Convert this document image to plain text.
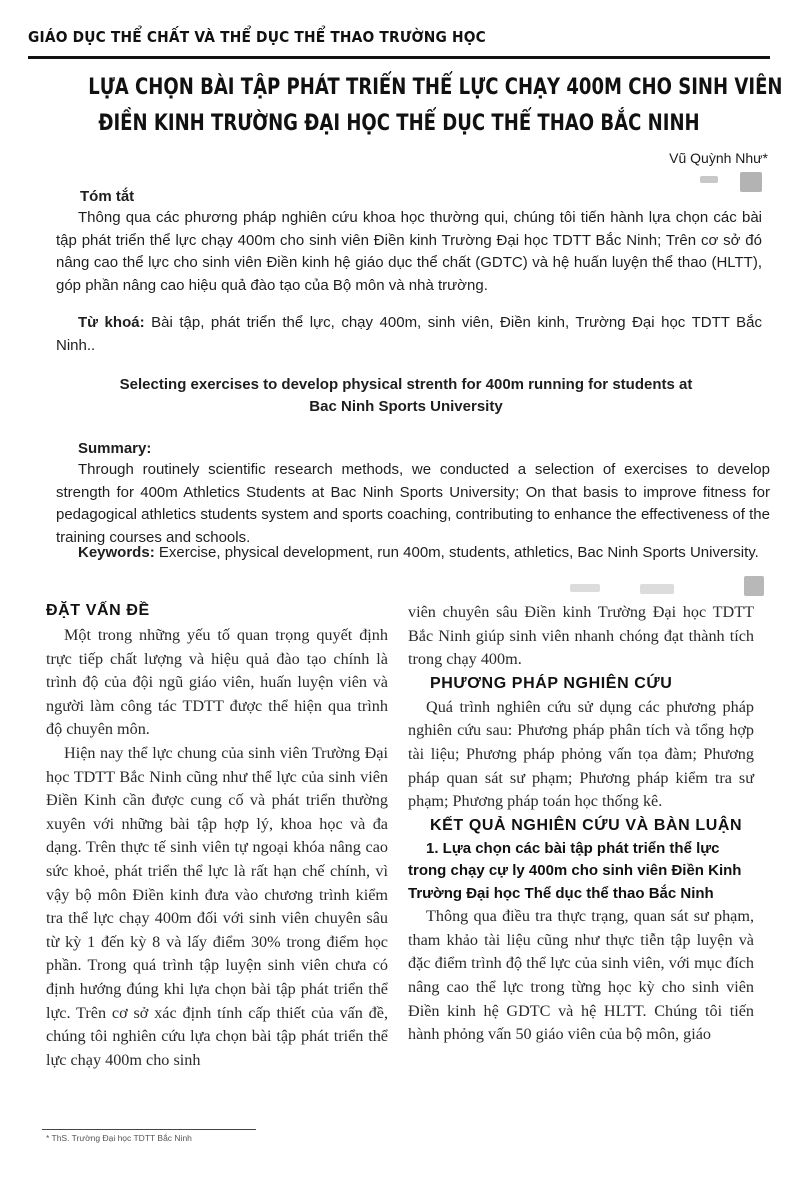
GIÁO DỤC THỂ CHẤT VÀ THỂ DỤC THỂ THAO TRƯỜNG HỌC
LỰA CHỌN BÀI TẬP PHÁT TRIỂN THỂ LỰC CHẠY 400M CHO SINH VIÊN
ĐIỀN KINH TRƯỜNG ĐẠI HỌC THỂ DỤC THỂ THAO BẮC NINH
Vũ Quỳnh Như*
Tóm tắt
Thông qua các phương pháp nghiên cứu khoa học thường qui, chúng tôi tiến hành lựa chọn các bài tập phát triển thể lực chạy 400m cho sinh viên Điền kinh Trường Đại học TDTT Bắc Ninh; Trên cơ sở đó nâng cao thể lực cho sinh viên Điền kinh hệ giáo dục thể chất (GDTC) và hệ huấn luyện thể thao (HLTT), góp phần nâng cao hiệu quả đào tạo của Bộ môn và nhà trường.
Từ khoá: Bài tập, phát triển thể lực, chạy 400m, sinh viên, Điền kinh, Trường Đại học TDTT Bắc Ninh..
Selecting exercises to develop physical strenth for 400m running for students at
Bac Ninh Sports University
Summary:
Through routinely scientific research methods, we conducted a selection of exercises to develop strength for 400m Athletics Students at Bac Ninh Sports University; On that basis to improve fitness for pedagogical athletics students system and sports coaching, contributing to enhance the effectiveness of the training courses and schools.
Keywords: Exercise, physical development, run 400m, students, athletics, Bac Ninh Sports University.
ĐẶT VẤN ĐỀ
Một trong những yếu tố quan trọng quyết định trực tiếp chất lượng và hiệu quả đào tạo chính là trình độ của đội ngũ giáo viên, huấn luyện viên và người làm công tác TDTT được thể hiện qua trình độ chuyên môn.
Hiện nay thể lực chung của sinh viên Trường Đại học TDTT Bắc Ninh cũng như thể lực của sinh viên Điền Kinh cần được cung cố và phát triển thường xuyên với những bài tập hợp lý, khoa học và đa dạng. Trên thực tế sinh viên tự ngoại khóa nâng cao sức khoẻ, phát triển thể lực là rất hạn chế chính, vì vậy bộ môn Điền kinh đưa vào chương trình kiểm tra thể lực chạy 400m đối với sinh viên chuyên sâu từ kỳ 1 đến kỳ 8 và lấy điểm 30% trong điểm học phần. Trong quá trình tập luyện sinh viên chưa có định hướng đúng khi lựa chọn bài tập phát triển thể lực. Trên cơ sở xác định tính cấp thiết của vấn đề, chúng tôi nghiên cứu lựa chọn bài tập phát triển thể lực chạy 400m cho sinh
viên chuyên sâu Điền kinh Trường Đại học TDTT Bắc Ninh giúp sinh viên nhanh chóng đạt thành tích trong chạy 400m.
PHƯƠNG PHÁP NGHIÊN CỨU
Quá trình nghiên cứu sử dụng các phương pháp nghiên cứu sau: Phương pháp phân tích và tổng hợp tài liệu; Phương pháp phỏng vấn tọa đàm; Phương pháp quan sát sư phạm; Phương pháp kiểm tra sư phạm; Phương pháp toán học thống kê.
KẾT QUẢ NGHIÊN CỨU VÀ BÀN LUẬN
1. Lựa chọn các bài tập phát triển thể lực trong chạy cự ly 400m cho sinh viên Điền Kinh Trường Đại học Thể dục thể thao Bắc Ninh
Thông qua điều tra thực trạng, quan sát sư phạm, tham khảo tài liệu cũng như thực tiễn tập luyện và đặc điểm trình độ thể lực của sinh viên, với mục đích nâng cao thể lực trong từng học kỳ cho sinh viên Điền kinh hệ GDTC và hệ HLTT. Chúng tôi tiến hành phỏng vấn 50 giáo viên của bộ môn, giáo
* ThS. Trường Đại học TDTT Bắc Ninh
